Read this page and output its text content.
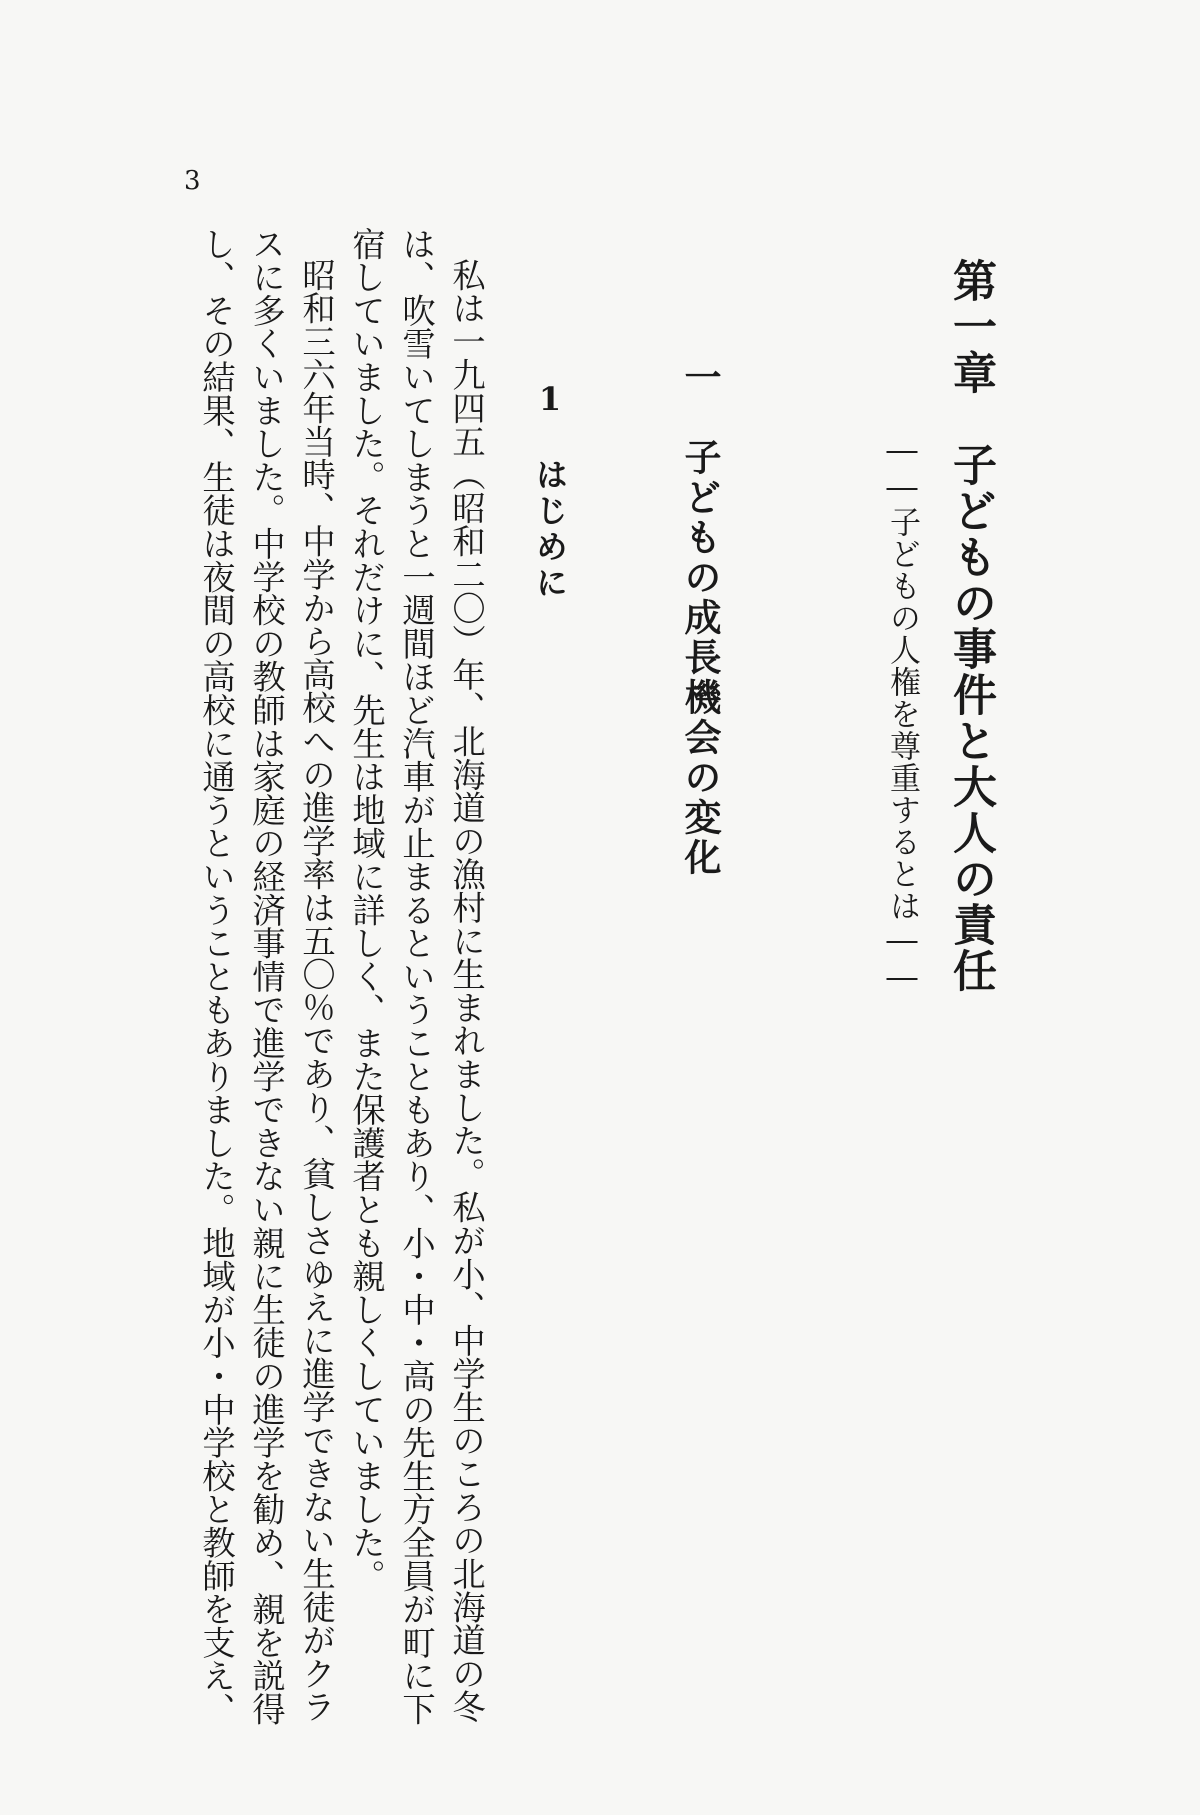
3
第一章　子どもの事件と大人の責任
――子どもの人権を尊重するとは――
一　子どもの成長機会の変化
1　はじめに

私は一九四五（昭和二〇）年、北海道の漁村に生まれました。私が小、中学生のころの北海道の冬

は、吹雪いてしまうと一週間ほど汽車が止まるということもあり、小・中・高の先生方全員が町に下

宿していました。それだけに、先生は地域に詳しく、また保護者とも親しくしていました。

昭和三六年当時、中学から高校への進学率は五〇％であり、貧しさゆえに進学できない生徒がクラ

スに多くいました。中学校の教師は家庭の経済事情で進学できない親に生徒の進学を勧め、親を説得

し、その結果、生徒は夜間の高校に通うということもありました。地域が小・中学校と教師を支え、
